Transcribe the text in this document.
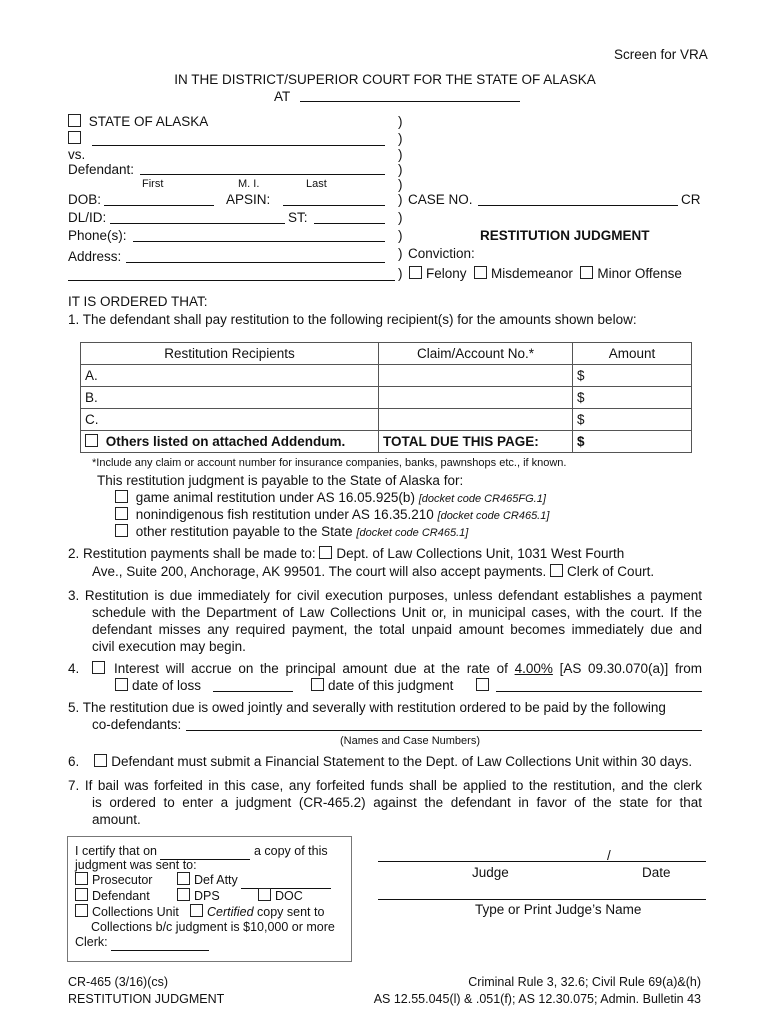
Screen for VRA
IN THE DISTRICT/SUPERIOR COURT FOR THE STATE OF ALASKA
AT
STATE OF ALASKA
vs.
Defendant:
First	M. I.	Last
DOB:	APSIN:
DL/ID:	ST:
Phone(s):
Address:
)
)
)
)
)
)
)
)
)
)
CASE NO.	CR
RESTITUTION JUDGMENT
Conviction:
Felony Misdemeanor Minor Offense
IT IS ORDERED THAT:
1. The defendant shall pay restitution to the following recipient(s) for the amounts shown below:
Restitution Recipients	Claim/Account No.*	Amount
A.		$
B.		$
C.		$
Others listed on attached Addendum.	TOTAL DUE THIS PAGE:	$
*Include any claim or account number for insurance companies, banks, pawnshops etc., if known.
This restitution judgment is payable to the State of Alaska for:
game animal restitution under AS 16.05.925(b) [docket code CR465FG.1]
nonindigenous fish restitution under AS 16.35.210 [docket code CR465.1]
other restitution payable to the State [docket code CR465.1]
2. Restitution payments shall be made to: Dept. of Law Collections Unit, 1031 West Fourth
Ave., Suite 200, Anchorage, AK 99501. The court will also accept payments. Clerk of Court.
3. Restitution is due immediately for civil execution purposes, unless defendant establishes a payment
schedule with the Department of Law Collections Unit or, in municipal cases, with the court. If the
defendant misses any required payment, the total unpaid amount becomes immediately due and
civil execution may begin.
4.	Interest will accrue on the principal amount due at the rate of 4.00% [AS 09.30.070(a)] from
date of loss	date of this judgment
5. The restitution due is owed jointly and severally with restitution ordered to be paid by the following
co-defendants:
(Names and Case Numbers)
6. Defendant must submit a Financial Statement to the Dept. of Law Collections Unit within 30 days.
7. If bail was forfeited in this case, any forfeited funds shall be applied to the restitution, and the clerk
is ordered to enter a judgment (CR-465.2) against the defendant in favor of the state for that
amount.
I certify that on	a copy of this
judgment was sent to:
Prosecutor	Def Atty
Defendant	DPS	DOC
Collections Unit	Certified copy sent to
Collections b/c judgment is $10,000 or more
Clerk:
/
Judge	Date
Type or Print Judge’s Name
CR-465 (3/16)(cs)
RESTITUTION JUDGMENT
Criminal Rule 3, 32.6; Civil Rule 69(a)&(h)
AS 12.55.045(l) & .051(f); AS 12.30.075; Admin. Bulletin 43
